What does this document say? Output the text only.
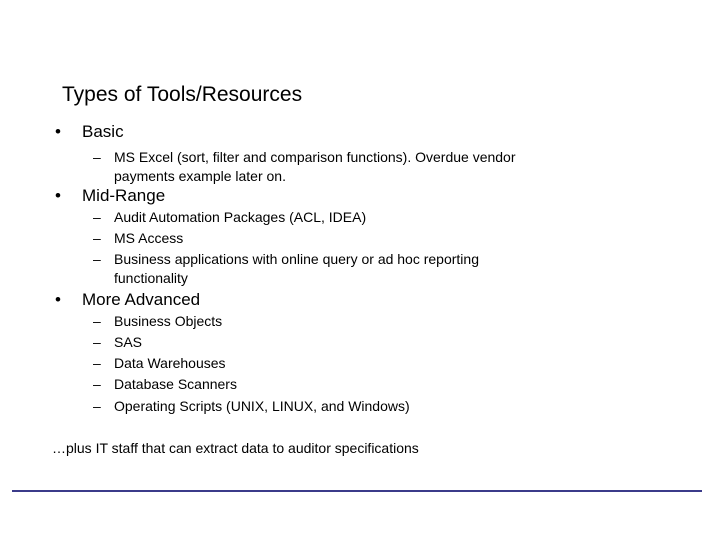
Types of Tools/Resources
•	Basic
– MS Excel (sort, filter and comparison functions). Overdue vendor payments example later on.
•	Mid-Range
– Audit Automation Packages (ACL, IDEA)
– MS Access
– Business applications with online query or ad hoc reporting functionality
•	More Advanced
– Business Objects
– SAS
– Data Warehouses
– Database Scanners
– Operating Scripts (UNIX, LINUX, and Windows)
…plus IT staff that can extract data to auditor specifications
